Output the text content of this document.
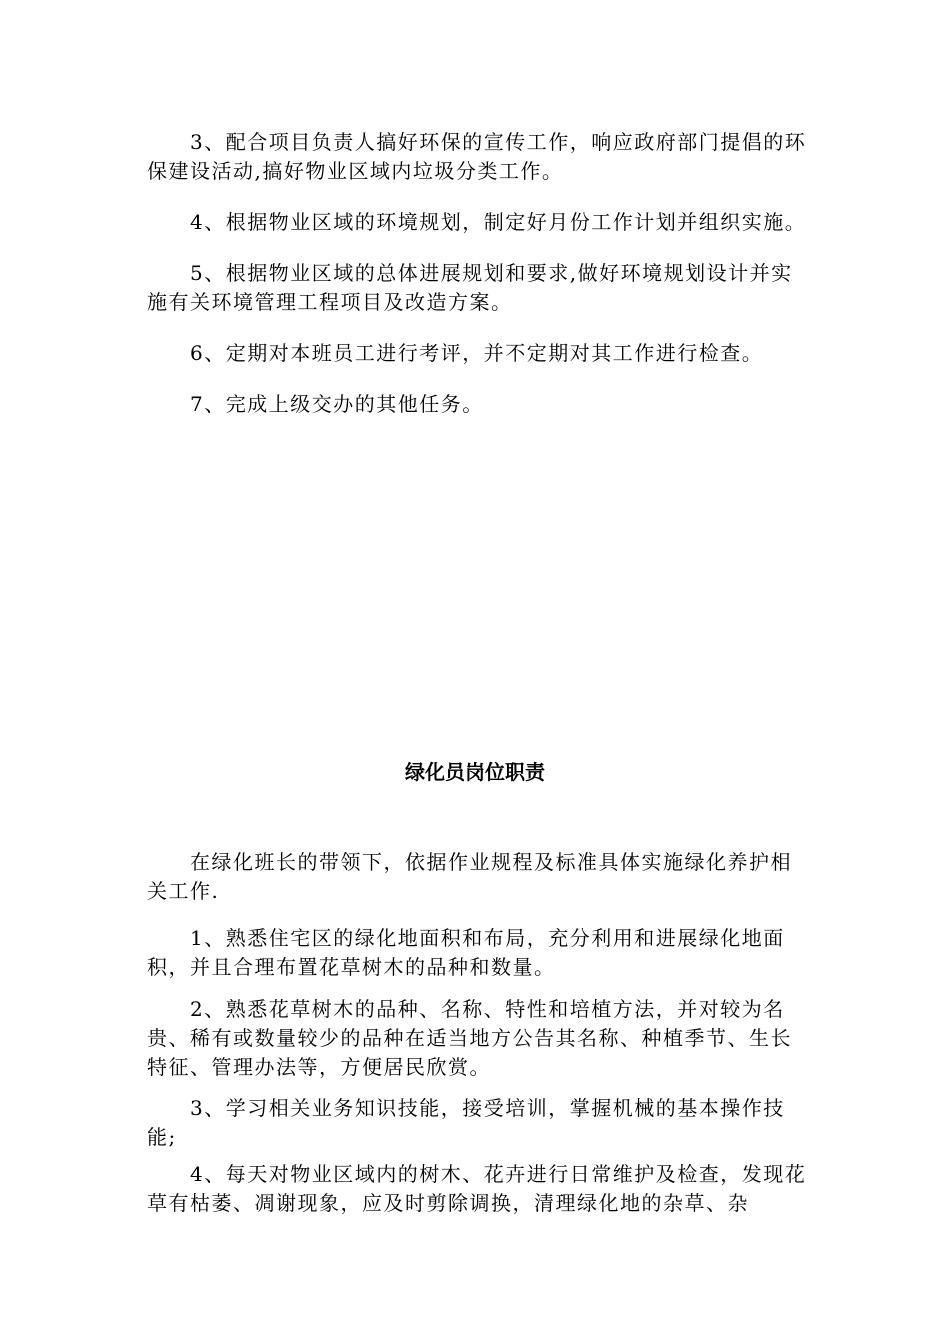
3、配合项目负责人搞好环保的宣传工作，响应政府部门提倡的环保建设活动,搞好物业区域内垃圾分类工作。

4、根据物业区域的环境规划，制定好月份工作计划并组织实施。

5、根据物业区域的总体进展规划和要求,做好环境规划设计并实施有关环境管理工程项目及改造方案。

6、定期对本班员工进行考评，并不定期对其工作进行检查。

7、完成上级交办的其他任务。

绿化员岗位职责

在绿化班长的带领下，依据作业规程及标准具体实施绿化养护相关工作.

1、熟悉住宅区的绿化地面积和布局，充分利用和进展绿化地面积，并且合理布置花草树木的品种和数量。

2、熟悉花草树木的品种、名称、特性和培植方法，并对较为名贵、稀有或数量较少的品种在适当地方公告其名称、种植季节、生长特征、管理办法等，方便居民欣赏。

3、学习相关业务知识技能，接受培训，掌握机械的基本操作技能;

4、每天对物业区域内的树木、花卉进行日常维护及检查，发现花草有枯萎、凋谢现象，应及时剪除调换，清理绿化地的杂草、杂
